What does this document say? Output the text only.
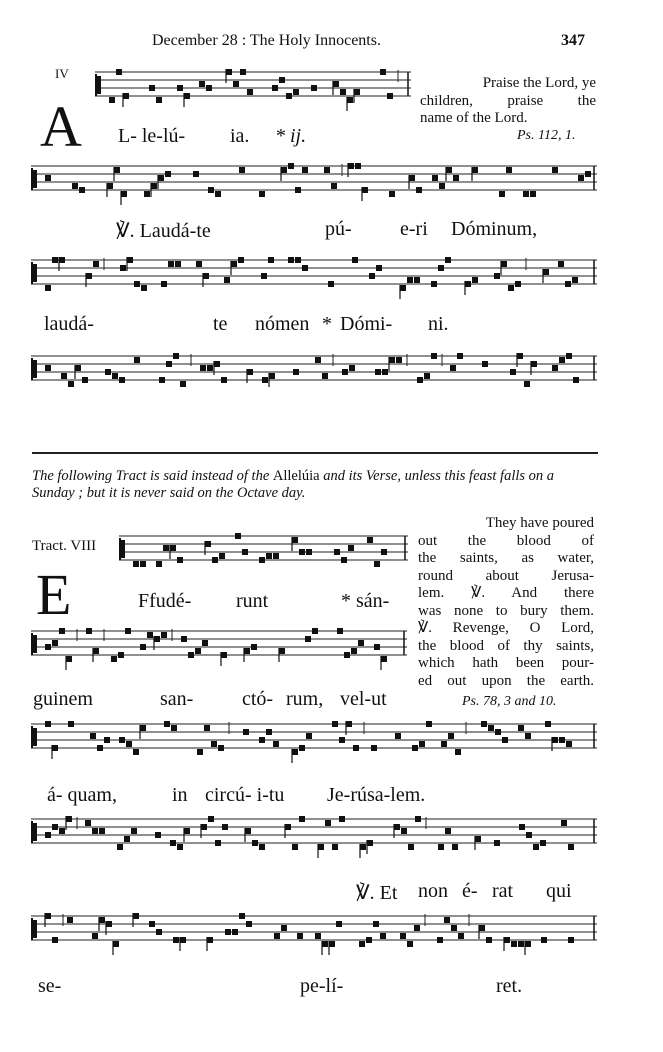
December 28 : The Holy Innocents.	347
IV
A
Praise the Lord, ye
children, praise the
name of the Lord.
Ps. 112, 1.
L- le-lú- ia. * ij.
℣. Laudá-te	pú- e-ri Dóminum,
laudá-	te nómen * Dómi- ni.
The following Tract is said instead of the Allelúia and its Verse, unless this feast falls on a Sunday ; but it is never said on the Octave day.
Tract. VIII
E
They have poured
out the blood of
the saints, as water,
round about Jerusa-
lem. ℣. And there
was none to bury them.
℣. Revenge, O Lord,
the blood of thy saints,
which hath been pour-
ed out upon the earth.
Ps. 78, 3 and 10.
Ffudé- runt	* sán-
guinem	san- ctó- rum, vel-ut
á- quam,	in circú- i-tu Je-rúsa-lem.
℣. Et non é- rat qui
se-	pe-lí-	ret.
